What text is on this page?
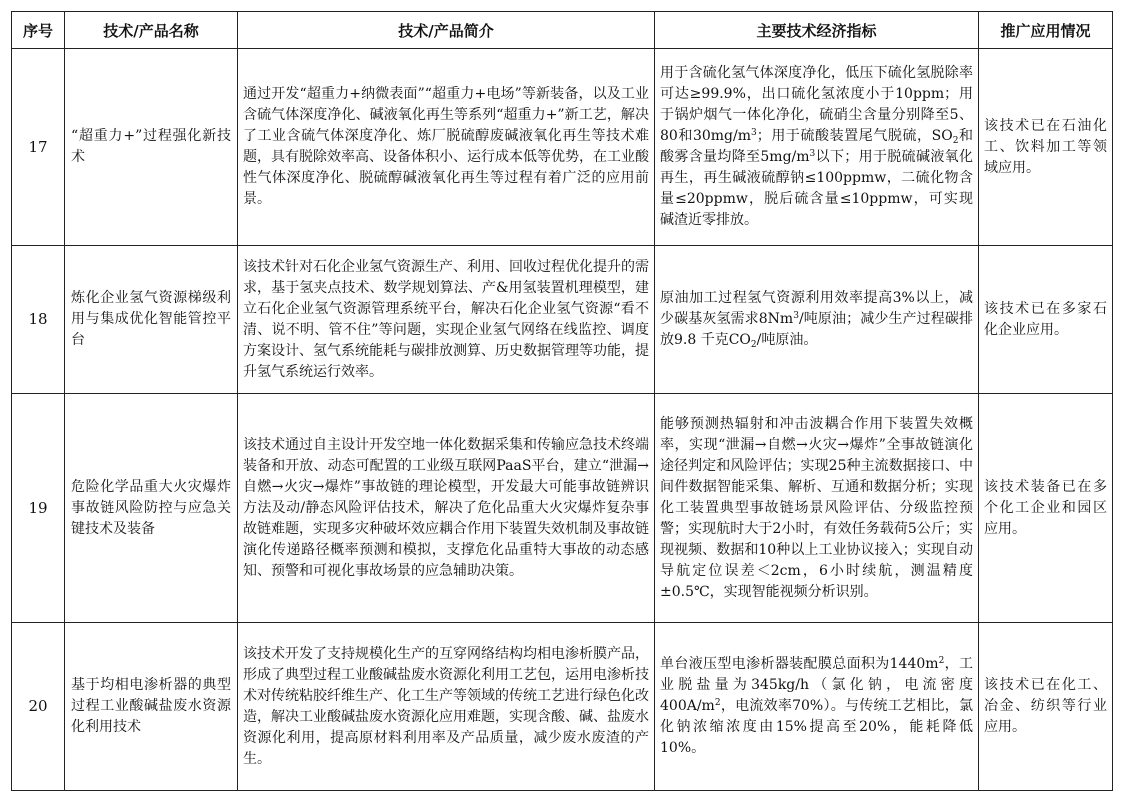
序号	技术/产品名称	技术/产品简介	主要技术经济指标	推广应用情况
17	“超重力+”过程强化新技术	通过开发“超重力+纳微表面”“超重力+电场”等新装备，以及工业含硫气体深度净化、碱液氧化再生等系列“超重力+”新工艺，解决了工业含硫气体深度净化、炼厂脱硫醇废碱液氧化再生等技术难题，具有脱除效率高、设备体积小、运行成本低等优势，在工业酸性气体深度净化、脱硫醇碱液氧化再生等过程有着广泛的应用前景。	用于含硫化氢气体深度净化，低压下硫化氢脱除率可达≥99.9%，出口硫化氢浓度小于10ppm；用于锅炉烟气一体化净化，硫硝尘含量分别降至5、80和$30mg/m^3$；用于硫酸装置尾气脱硫，$SO_2$和酸雾含量均降至$5mg/m^3$以下；用于脱硫碱液氧化再生，再生碱液硫醇钠≤100ppmw，二硫化物含量≤20ppmw，脱后硫含量≤10ppmw，可实现碱渣近零排放。	该技术已在石油化工、饮料加工等领域应用。
18	炼化企业氢气资源梯级利用与集成优化智能管控平台	该技术针对石化企业氢气资源生产、利用、回收过程优化提升的需求，基于氢夹点技术、数学规划算法、产&用氢装置机理模型，建立石化企业氢气资源管理系统平台，解决石化企业氢气资源“看不清、说不明、管不住”等问题，实现企业氢气网络在线监控、调度方案设计、氢气系统能耗与碳排放测算、历史数据管理等功能，提升氢气系统运行效率。	原油加工过程氢气资源利用效率提高3%以上，减少碳基灰氢需求8Nm$^3$/吨原油；减少生产过程碳排放9.8 千克$CO_2/$吨原油。	该技术已在多家石化企业应用。
19	危险化学品重大火灾爆炸事故链风险防控与应急关键技术及装备	该技术通过自主设计开发空地一体化数据采集和传输应急技术终端装备和开放、动态可配置的工业级互联网PaaS平台，建立“泄漏→自燃→火灾→爆炸”事故链的理论模型，开发最大可能事故链辨识方法及动/静态风险评估技术，解决了危化品重大火灾爆炸复杂事故链难题，实现多灾种破坏效应耦合作用下装置失效机制及事故链演化传递路径概率预测和模拟，支撑危化品重特大事故的动态感知、预警和可视化事故场景的应急辅助决策。	能够预测热辐射和冲击波耦合作用下装置失效概率，实现“泄漏→自燃→火灾→爆炸”全事故链演化途径判定和风险评估；实现25种主流数据接口、中间件数据智能采集、解析、互通和数据分析；实现化工装置典型事故链场景风险评估、分级监控预警；实现航时大于2小时，有效任务载荷5公斤；实现视频、数据和10种以上工业协议接入；实现自动导航定位误差＜2cm，6小时续航，测温精度±0.5℃，实现智能视频分析识别。	该技术装备已在多个化工企业和园区应用。
20	基于均相电渗析器的典型过程工业酸碱盐废水资源化利用技术	该技术开发了支持规模化生产的互穿网络结构均相电渗析膜产品，形成了典型过程工业酸碱盐废水资源化利用工艺包，运用电渗析技术对传统粘胶纤维生产、化工生产等领域的传统工艺进行绿色化改造，解决工业酸碱盐废水资源化应用难题，实现含酸、碱、盐废水资源化利用，提高原材料利用率及产品质量，减少废水废渣的产生。	单台液压型电渗析器装配膜总面积为$1440m^2$，工业脱盐量为345kg/h（氯化钠，电流密度$400A/m^2$，电流效率70%）。与传统工艺相比，氯化钠浓缩浓度由15%提高至20%，能耗降低10%。	该技术已在化工、冶金、纺织等行业应用。
